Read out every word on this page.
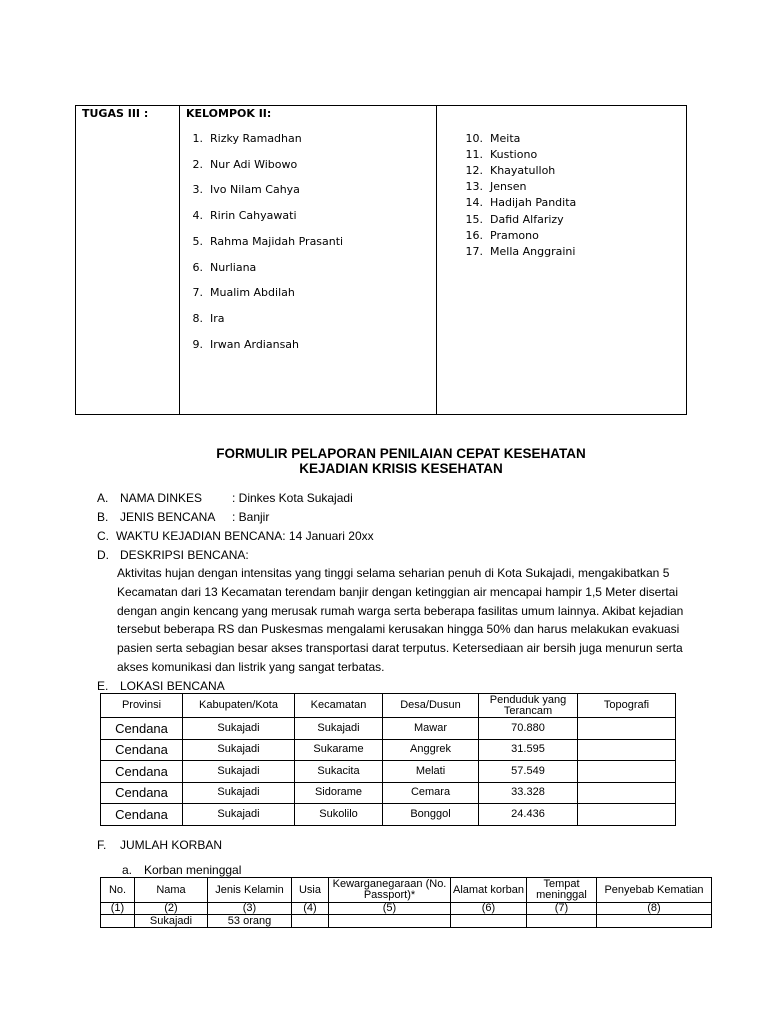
TUGAS III :	KELOMPOK II:
1. Rizky Ramadhan
2. Nur Adi Wibowo
3. Ivo Nilam Cahya
4. Ririn Cahyawati
5. Rahma Majidah Prasanti
6. Nurliana
7. Mualim Abdilah
8. Ira
9. Irwan Ardiansah
10. Meita
11. Kustiono
12. Khayatulloh
13. Jensen
14. Hadijah Pandita
15. Dafid Alfarizy
16. Pramono
17. Mella Anggraini
FORMULIR PELAPORAN PENILAIAN CEPAT KESEHATAN
KEJADIAN KRISIS KESEHATAN
A. NAMA DINKES : Dinkes Kota Sukajadi
B. JENIS BENCANA : Banjir
C. WAKTU KEJADIAN BENCANA: 14 Januari 20xx
D. DESKRIPSI BENCANA:
Aktivitas hujan dengan intensitas yang tinggi selama seharian penuh di Kota Sukajadi, mengakibatkan 5
Kecamatan dari 13 Kecamatan terendam banjir dengan ketinggian air mencapai hampir 1,5 Meter disertai
dengan angin kencang yang merusak rumah warga serta beberapa fasilitas umum lainnya. Akibat kejadian
tersebut beberapa RS dan Puskesmas mengalami kerusakan hingga 50% dan harus melakukan evakuasi
pasien serta sebagian besar akses transportasi darat terputus. Ketersediaan air bersih juga menurun serta
akses komunikasi dan listrik yang sangat terbatas.
E. LOKASI BENCANA
Provinsi	Kabupaten/Kota	Kecamatan	Desa/Dusun	Penduduk yang Terancam	Topografi
Cendana	Sukajadi	Sukajadi	Mawar	70.880	
Cendana	Sukajadi	Sukarame	Anggrek	31.595	
Cendana	Sukajadi	Sukacita	Melati	57.549	
Cendana	Sukajadi	Sidorame	Cemara	33.328	
Cendana	Sukajadi	Sukolilo	Bonggol	24.436	
F. JUMLAH KORBAN
a. Korban meninggal
No.	Nama	Jenis Kelamin	Usia	Kewarganegaraan (No. Passport)*	Alamat korban	Tempat meninggal	Penyebab Kematian
(1)	(2)	(3)	(4)	(5)	(6)	(7)	(8)
	Sukajadi	53 orang					
